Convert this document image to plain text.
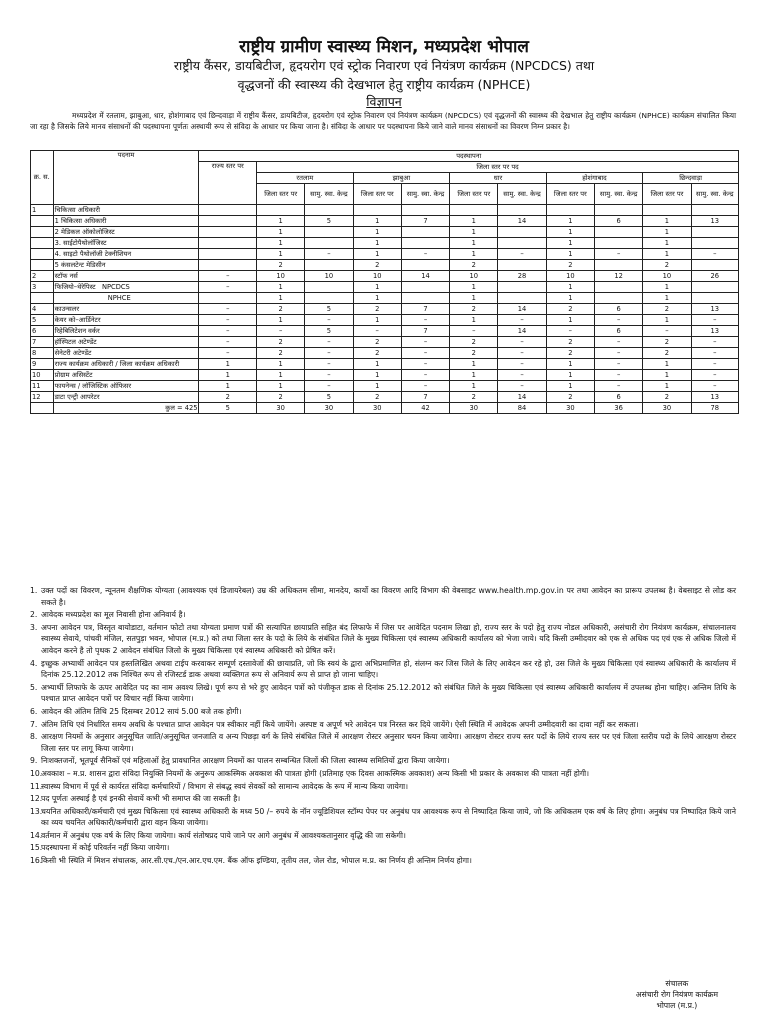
राष्ट्रीय ग्रामीण स्वास्थ्य मिशन, मध्यप्रदेश भोपाल
राष्ट्रीय कैंसर, डायबिटीज, हृदयरोग एवं स्ट्रोक निवारण एवं नियंत्रण कार्यक्रम (NPCDCS) तथा
वृद्धजनों की स्वास्थ्य की देखभाल हेतु राष्ट्रीय कार्यक्रम (NPHCE)
विज्ञापन
मध्यप्रदेश में रतलाम, झाबुआ, धार, होशंगाबाद एवं छिन्दवाड़ा में राष्ट्रीय कैंसर, डायबिटीज, हृदयरोग एवं स्ट्रोक निवारण एवं नियंत्रण कार्यक्रम (NPCDCS) एवं वृद्धजनों की स्वास्थ्य की देखभाल हेतु राष्ट्रीय कार्यक्रम (NPHCE) कार्यक्रम संचालित किया जा रहा है जिसके लिये मानव संसाधनों की पदस्थापना पूर्णतः अस्थायी रूप से संविदा के आधार पर किया जाना है। संविदा के आधार पर पदस्थापना किये जाने वाले मानव संसाधनों का विवरण निम्न प्रकार है।
क्र. स.	पदनाम	पदस्थापना										
		राज्य स्तर पर	जिला स्तर पर पद									
			रतलाम		झाबुआ		धार		होशंगाबाद		छिन्दवाड़ा	
			जिला स्तर पर	सामु. स्वा. केन्द्र	जिला स्तर पर	सामु. स्वा. केन्द्र	जिला स्तर पर	सामु. स्वा. केन्द्र	जिला स्तर पर	सामु. स्वा. केन्द्र	जिला स्तर पर	सामु. स्वा. केन्द्र
1	चिकित्सा अधिकारी											
	1 चिकित्सा अधिकारी		1	5	1	7	1	14	1	6	1	13
	2 मेडिकल ऑकोलोजिस्ट		1		1		1		1		1	
	3. साईटोपैथोलॉजिस्ट		1		1		1		1		1	
	4. साइटो पैथोलॉजी टेक्नीशियन		1	–	1	–	1	–	1	–	1	–
	5 कंसलटेन्ट मेडिसीन		2		2		2		2		2	
2	स्टॉफ नर्स	–	10	10	10	14	10	28	10	12	10	26
3	फिजियो–थेरेपिस्ट   NPCDCS	–	1		1		1		1		1	
	NPHCE		1		1		1		1		1	
4	काउन्सलर	–	2	5	2	7	2	14	2	6	2	13
5	केयर को–आर्डिनेटर	–	1	–	1	–	1	–	1	–	1	–
6	रिहेबिलिटेशन वर्कर	–	–	5	–	7	–	14	–	6	–	13
7	हॉस्पिटल अटेण्डेंट	–	2	–	2	–	2	–	2	–	2	–
8	सेनेटरी अटेण्डेंट	–	2	–	2	–	2	–	2	–	2	–
9	राज्य कार्यक्रम अधिकारी / जिला कार्यक्रम अधिकारी	1	1	–	1	–	1	–	1	–	1	–
10	प्रोग्राम असिस्टेंट	1	1	–	1	–	1	–	1	–	1	–
11	फायनेन्स / लॉजिस्टिक ऑफिसर	1	1	–	1	–	1	–	1	–	1	–
12	डाटा एन्ट्री आपरेटर	2	2	5	2	7	2	14	2	6	2	13
	कुल = 425	5	30	30	30	42	30	84	30	36	30	78
1. उक्त पदों का विवरण, न्यूनतम शैक्षणिक योग्यता (आवश्यक एवं डिजायरेबल) उम्र की अधिकतम सीमा, मानदेय, कार्यो का विवरण आदि विभाग की वेबसाइट www.health.mp.gov.in पर तथा आवेदन का प्रारूप उपलब्ध है। वेबसाइट से लोड कर सकते है।
2. आवेदक मध्यप्रदेश का मूल निवासी होना अनिवार्य है।
3. अपना आवेदन पत्र, विस्तृत बायोडाटा, वर्तमान फोटो तथा योग्यता प्रमाण पत्रों की सत्यापित छायाप्रति सहित बंद लिफाफे में जिस पर आवेदित पदनाम लिखा हो, राज्य स्तर के पदो हेतु राज्य नोडल अधिकारी, असंचारी रोग नियंत्रण कार्यक्रम, संचालनालय स्वास्थ्य सेवाये, पांचवी मंजिल, सतपुड़ा भवन, भोपाल (म.प्र.) को तथा जिला स्तर के पदो के लिये के संबंधित जिले के मुख्य चिकित्सा एवं स्वास्थ्य अधिकारी कार्यालय को भेजा जाये। यदि किसी उम्मीदवार को एक से अधिक पद एवं एक से अधिक जिलो में आवेदन करने है तो पृथक 2 आवेदन संबंधित जिलो के मुख्य चिकित्सा एवं स्वास्थ्य अधिकारी को प्रेषित करें।
4. इच्छुक अभ्यार्थी आवेदन पत्र हस्तलिखित अथवा टाईप करवाकर सम्पूर्ण दस्तावेजों की छायाप्रति, जो कि स्वयं के द्वारा अभिप्रमाणित हो, संलग्न कर जिस जिले के लिए आवेदन कर रहे हो, उस जिले के मुख्य चिकित्सा एवं स्वास्थ्य अधिकारी के कार्यालय में दिनांक 25.12.2012 तक निश्चित रूप से रजिस्टर्ड डाक अथवा व्यक्तिगत रूप से अनिवार्य रूप से प्राप्त हो जाना चाहिए।
5. अभ्यार्थी लिफाफे के ऊपर आवेदित पद का नाम अवश्य लिखे। पूर्ण रूप से भरे हुए आवेदन पत्रों को पंजीकृत डाक से दिनांक 25.12.2012 को संबंधित जिले के मुख्य चिकित्सा एवं स्वास्थ्य अधिकारी कार्यालय में उपलब्ध होना चाहिए। अन्तिम तिथि के पश्चात प्राप्त आवेदन पत्रों पर विचार नहीं किया जायेगा।
6. आवेदन की अंतिम तिथि 25 दिसम्बर 2012 सायं 5.00 बजे तक होगी।
7. अंतिम तिथि एवं निर्धारित समय अवधि के पश्चात प्राप्त आवेदन पत्र स्वीकार नहीं किये जायेंगे। अस्पष्ट व अपूर्ण भरे आवेदन पत्र निरस्त कर दिये जायेंगे। ऐसी स्थिति में आवेदक अपनी उम्मीदवारी का दावा नहीं कर सकता।
8. आरक्षण नियमों के अनुसार अनुसूचित जाति/अनुसूचित जनजाति व अन्य पिछड़ा वर्ग के लिये संबंधित जिले में आरक्षण रोस्टर अनुसार चयन किया जायेगा। आरक्षण रोस्टर राज्य स्तर पदों के लिये राज्य स्तर पर एवं जिला स्तरीय पदो के लिये आरक्षण रोस्टर जिला स्तर पर लागू किया जायेगा।
9. निःशक्तजनों, भूतपूर्व सैनिकों एवं महिलाओं हेतु प्रावधानित आरक्षण नियमों का पालन सम्बन्धित जिलों की जिला स्वास्थ्य समितियों द्वारा किया जायेगा।
10.
अवकाश – म.प्र. शासन द्वारा संविदा नियुक्ति नियमों के अनुरूप आकस्मिक अवकाश की पात्रता होगी (प्रतिमाह एक दिवस आकस्मिक अवकाश) अन्य किसी भी प्रकार के अवकाश की पात्रता नहीं होगी।
11.
स्वास्थ्य विभाग में पूर्व से कार्यरत संविदा कर्मचारियों / विभाग से संबद्ध स्वयं सेवकों को सामान्य आवेदक के रूप में मान्य किया जायेगा।
12.
पद पूर्णतः अस्थाई है एवं इनकी सेवायें कभी भी समाप्त की जा सकती है।
13.
चयनित अधिकारी/कर्मचारी एवं मुख्य चिकित्सा एवं स्वास्थ्य अधिकारी के मध्य 50 /– रुपये के नॉन ज्यूडिशियल स्टॉम्प पेपर पर अनुबंध पत्र आवश्यक रूप से निष्पादित किया जाये, जो कि अधिकतम एक वर्ष के लिए होगा। अनुबंध पत्र निष्पादित किये जाने का व्यय चयनित अधिकारी/कर्मचारी द्वारा वहन किया जायेगा।
14.
वर्तमान में अनुबंध एक वर्ष के लिए किया जायेगा। कार्य संतोषप्रद पाये जाने पर आगे अनुबंध में आवश्यकतानुसार वृद्धि की जा सकेगी।
15.
पदस्थापना में कोई परिवर्तन नहीं किया जायेगा।
16.
किसी भी स्थिति में मिशन संचालक, आर.सी.एच./एन.आर.एच.एम. बैंक ऑफ इण्डिया, तृतीय तल, जेल रोड, भोपाल म.प्र. का निर्णय ही अन्तिम निर्णय होगा।
संचालक
असंचारी रोग नियंत्रण कार्यक्रम
भोपाल (म.प्र.)
